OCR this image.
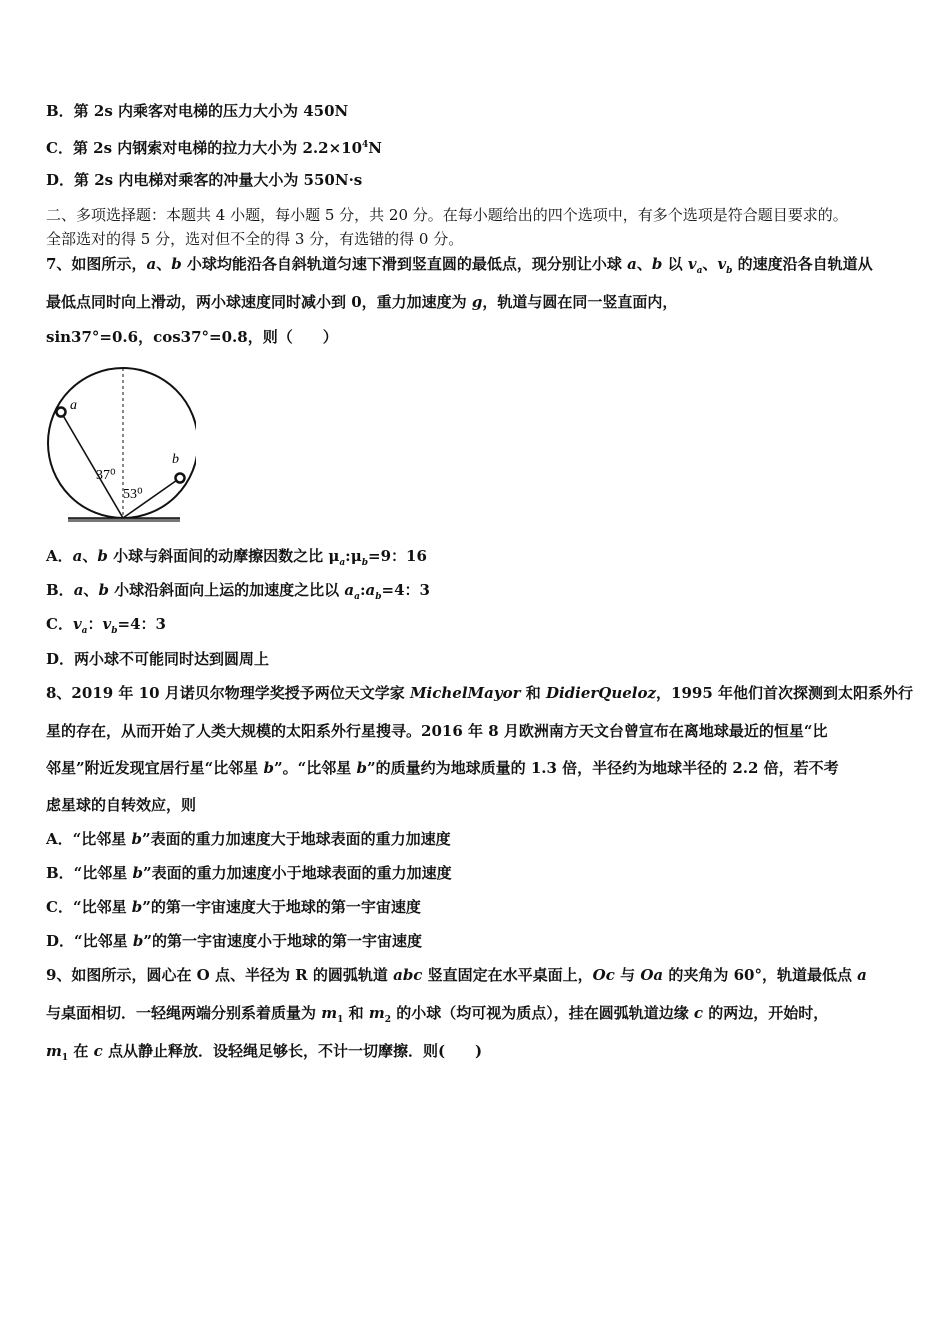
B．第 2s 内乘客对电梯的压力大小为 450N
C．第 2s 内钢索对电梯的拉力大小为 $2.2\times 10^4N$
D．第 2s 内电梯对乘客的冲量大小为 550N·s
二、多项选择题：本题共 4 小题，每小题 5 分，共 20 分。在每小题给出的四个选项中，有多个选项是符合题目要求的。
全部选对的得 5 分，选对但不全的得 3 分，有选错的得 0 分。
7、如图所示，a、b 小球均能沿各自斜轨道匀速下滑到竖直圆的最低点，现分别让小球 a、b 以 $v_a$、$v_b$ 的速度沿各自轨道从
最低点同时向上滑动，两小球速度同时减小到 0，重力加速度为 g，轨道与圆在同一竖直面内，
sin37°=0.6，cos37°=0.8，则（　　）
a
b
37⁰
53⁰
A．a、b 小球与斜面间的动摩擦因数之比 $\mu_a:\mu_b=9$：16
B．a、b 小球沿斜面向上运的加速度之比以 $a_a:a_b=4$：3
C．$v_a$：$v_b=4$：3
D．两小球不可能同时达到圆周上
8、2019 年 10 月诺贝尔物理学奖授予两位天文学家 MichelMayor 和 DidierQueloz，1995 年他们首次探测到太阳系外行
星的存在，从而开始了人类大规模的太阳系外行星搜寻。2016 年 8 月欧洲南方天文台曾宣布在离地球最近的恒星“比
邻星”附近发现宜居行星“比邻星 b”。“比邻星 b”的质量约为地球质量的 1.3 倍，半径约为地球半径的 2.2 倍，若不考
虑星球的自转效应，则
A．“比邻星 b”表面的重力加速度大于地球表面的重力加速度
B．“比邻星 b”表面的重力加速度小于地球表面的重力加速度
C．“比邻星 b”的第一宇宙速度大于地球的第一宇宙速度
D．“比邻星 b”的第一宇宙速度小于地球的第一宇宙速度
9、如图所示，圆心在 O 点、半径为 R 的圆弧轨道 abc 竖直固定在水平桌面上，Oc 与 Oa 的夹角为 60°，轨道最低点 a
与桌面相切．一轻绳两端分别系着质量为 $m_1$ 和 $m_2$ 的小球（均可视为质点），挂在圆弧轨道边缘 c 的两边，开始时，
$m_1$ 在 c 点从静止释放．设轻绳足够长，不计一切摩擦．则(　　)
